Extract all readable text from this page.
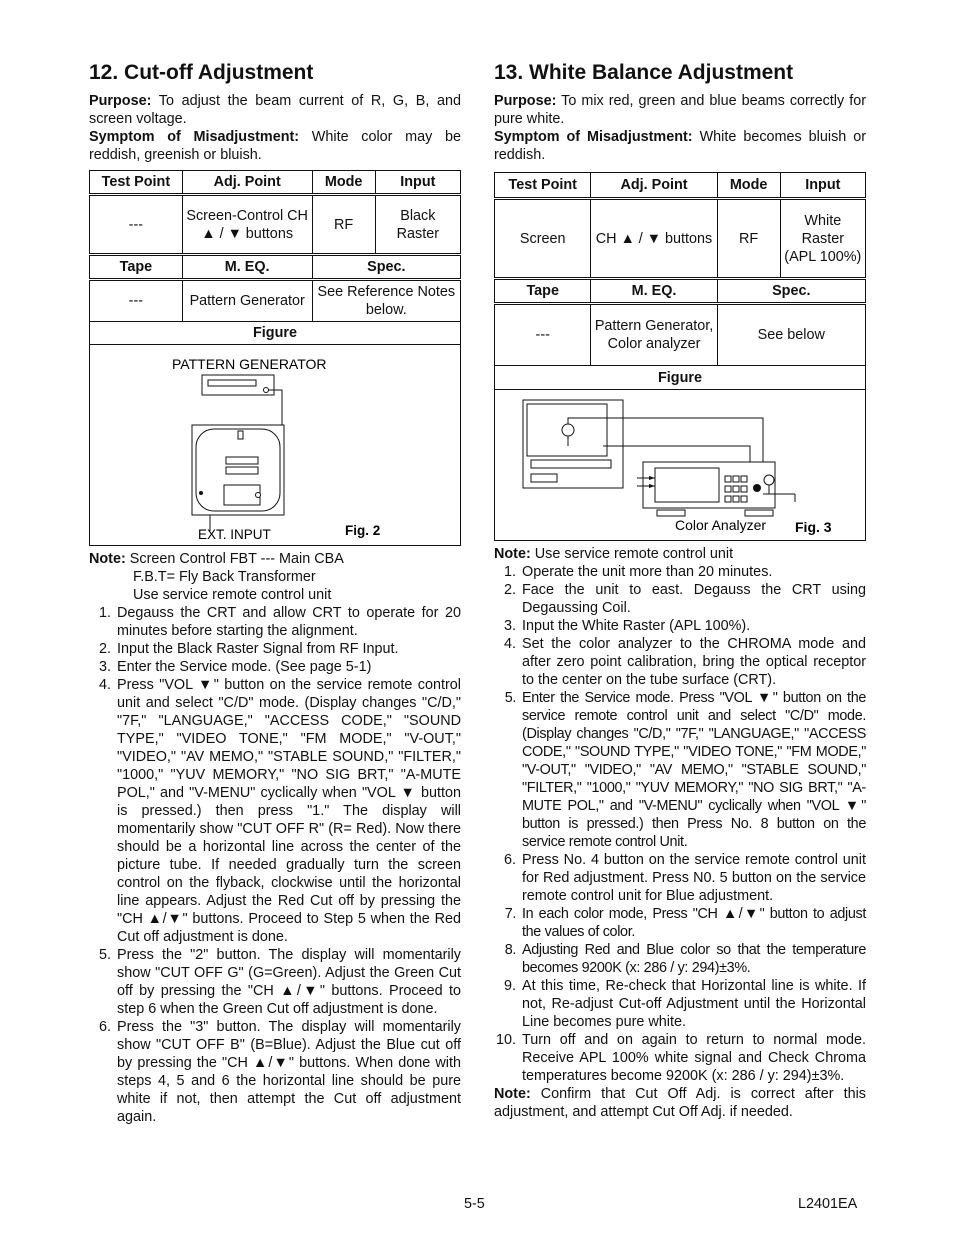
12. Cut-off Adjustment

Purpose: To adjust the beam current of R, G, B, and screen voltage.

Symptom of Misadjustment: White color may be reddish, greenish or bluish.

Test Point	Adj. Point	Mode	Input
---	Screen-Control CH ▲ / ▼ buttons	RF	Black Raster
Tape	M. EQ.	Spec.	
---	Pattern Generator	See Reference Notes below.	
Figure			

PATTERN GENERATOR
EXT. INPUT Fig. 2			
Note: Screen Control FBT --- Main CBA
F.B.T= Fly Back Transformer
Use service remote control unit
1. Degauss the CRT and allow CRT to operate for 20 minutes before starting the alignment.
2. Input the Black Raster Signal from RF Input.
3. Enter the Service mode. (See page 5-1)
4. Press "VOL ▼" button on the service remote control unit and select "C/D" mode. (Display changes "C/D," "7F," "LANGUAGE," "ACCESS CODE," "SOUND TYPE," "VIDEO TONE," "FM MODE," "V-OUT," "VIDEO," "AV MEMO," "STABLE SOUND," "FILTER," "1000," "YUV MEMORY," "NO SIG BRT," "A-MUTE POL," and "V-MENU" cyclically when "VOL ▼ button is pressed.) then press "1." The display will momentarily show "CUT OFF R" (R= Red). Now there should be a horizontal line across the center of the picture tube. If needed gradually turn the screen control on the flyback, clockwise until the horizontal line appears. Adjust the Red Cut off by pressing the "CH ▲/▼" buttons. Proceed to Step 5 when the Red Cut off adjustment is done.
5. Press the "2" button. The display will momentarily show "CUT OFF G" (G=Green). Adjust the Green Cut off by pressing the "CH ▲/▼" buttons. Proceed to step 6 when the Green Cut off adjustment is done.
6. Press the "3" button. The display will momentarily show "CUT OFF B" (B=Blue). Adjust the Blue cut off by pressing the "CH ▲/▼" buttons. When done with steps 4, 5 and 6 the horizontal line should be pure white if not, then attempt the Cut off adjustment again.
13. White Balance Adjustment

Purpose: To mix red, green and blue beams correctly for pure white.

Symptom of Misadjustment: White becomes bluish or reddish.

Test Point	Adj. Point	Mode	Input
Screen	CH ▲ / ▼ buttons	RF	White Raster (APL 100%)
Tape	M. EQ.	Spec.	
---	Pattern Generator, Color analyzer	See below	
Figure			

Color Analyzer Fig. 3			
Note: Use service remote control unit
1. Operate the unit more than 20 minutes.
2. Face the unit to east. Degauss the CRT using Degaussing Coil.
3. Input the White Raster (APL 100%).
4. Set the color analyzer to the CHROMA mode and after zero point calibration, bring the optical receptor to the center on the tube surface (CRT).
5. Enter the Service mode. Press "VOL ▼" button on the service remote control unit and select "C/D" mode. (Display changes "C/D," "7F," "LANGUAGE," "ACCESS CODE," "SOUND TYPE," "VIDEO TONE," "FM MODE," "V-OUT," "VIDEO," "AV MEMO," "STABLE SOUND," "FILTER," "1000," "YUV MEMORY," "NO SIG BRT," "A-MUTE POL," and "V-MENU" cyclically when "VOL ▼" button is pressed.) then Press No. 8 button on the service remote control Unit.
6. Press No. 4 button on the service remote control unit for Red adjustment. Press N0. 5 button on the service remote control unit for Blue adjustment.
7. In each color mode, Press "CH ▲/▼" button to adjust the values of color.
8. Adjusting Red and Blue color so that the temperature becomes 9200K (x: 286 / y: 294)±3%.
9. At this time, Re-check that Horizontal line is white. If not, Re-adjust Cut-off Adjustment until the Horizontal Line becomes pure white.
10. Turn off and on again to return to normal mode. Receive APL 100% white signal and Check Chroma temperatures become 9200K (x: 286 / y: 294)±3%.

Note: Confirm that Cut Off Adj. is correct after this adjustment, and attempt Cut Off Adj. if needed.

5-5	L2401EA
